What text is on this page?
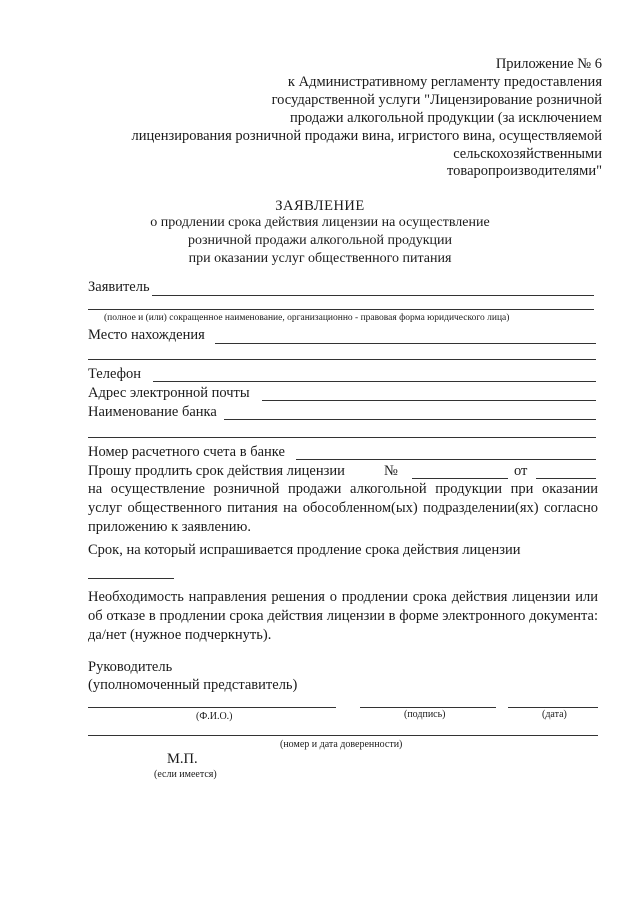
Приложение № 6
к Административному регламенту предоставления
государственной услуги "Лицензирование розничной
продажи алкогольной продукции (за исключением
лицензирования розничной продажи вина, игристого вина, осуществляемой
сельскохозяйственными
товаропроизводителями"
ЗАЯВЛЕНИЕ
о продлении срока действия лицензии на осуществление
розничной продажи алкогольной продукции
при оказании услуг общественного питания
Заявитель
(полное и (или) сокращенное наименование, организационно - правовая форма юридического лица)
Место нахождения
Телефон
Адрес электронной почты
Наименование банка
Номер расчетного счета в банке
Прошу продлить срок действия лицензии	№	от
на осуществление розничной продажи алкогольной продукции при оказании услуг общественного питания на обособленном(ых) подразделении(ях) согласно приложению к заявлению.
Срок, на который испрашивается продление срока действия лицензии
Необходимость направления решения о продлении срока действия лицензии или об отказе в продлении срока действия лицензии в форме электронного документа: да/нет (нужное подчеркнуть).
Руководитель
(уполномоченный представитель)
(Ф.И.О.)	(подпись)	(дата)
(номер и дата доверенности)
М.П.
(если имеется)
